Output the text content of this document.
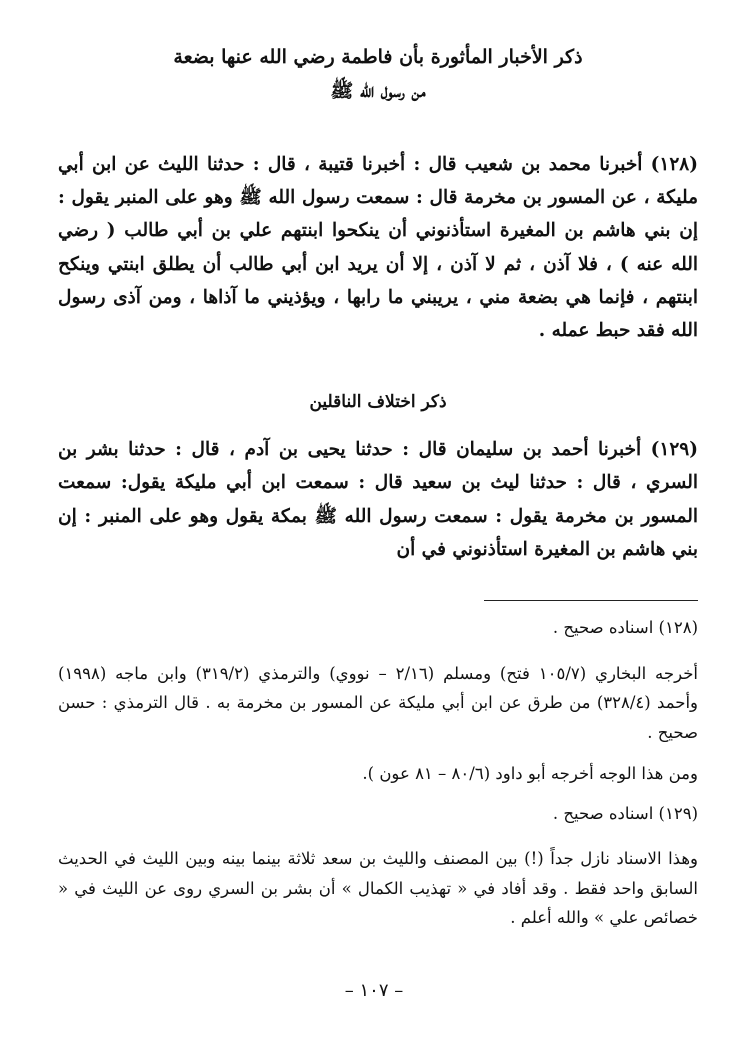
ذكر الأخبار المأثورة بأن فاطمة رضي الله عنها بضعة
من رسول الله ﷺ

(١٢٨) أخبرنا محمد بن شعيب قال : أخبرنا قتيبة ، قال : حدثنا الليث عن ابن أبي مليكة ، عن المسور بن مخرمة قال : سمعت رسول الله ﷺ وهو على المنبر يقول : إن بني هاشم بن المغيرة استأذنوني أن ينكحوا ابنتهم علي بن أبي طالب ( رضي الله عنه ) ، فلا آذن ، ثم لا آذن ، إلا أن يريد ابن أبي طالب أن يطلق ابنتي وينكح ابنتهم ، فإنما هي بضعة مني ، يريبني ما رابها ، ويؤذيني ما آذاها ، ومن آذى رسول الله فقد حبط عمله .

ذكر اختلاف الناقلين

(١٢٩) أخبرنا أحمد بن سليمان قال : حدثنا يحيى بن آدم ، قال : حدثنا بشر بن السري ، قال : حدثنا ليث بن سعيد قال : سمعت ابن أبي مليكة يقول: سمعت المسور بن مخرمة يقول : سمعت رسول الله ﷺ بمكة يقول وهو على المنبر : إن بني هاشم بن المغيرة استأذنوني في أن

(١٢٨) اسناده صحيح .

أخرجه البخاري (١٠٥/٧ فتح) ومسلم (٢/١٦ – نووي) والترمذي (٣١٩/٢) وابن ماجه (١٩٩٨) وأحمد (٣٢٨/٤) من طرق عن ابن أبي مليكة عن المسور بن مخرمة به . قال الترمذي : حسن صحيح .

ومن هذا الوجه أخرجه أبو داود (٨٠/٦ – ٨١ عون ).

(١٢٩) اسناده صحيح .

وهذا الاسناد نازل جداً (!) بين المصنف والليث بن سعد ثلاثة بينما بينه وبين الليث في الحديث السابق واحد فقط . وقد أفاد في « تهذيب الكمال » أن بشر بن السري روى عن الليث في « خصائص علي » والله أعلم .

– ١٠٧ –
